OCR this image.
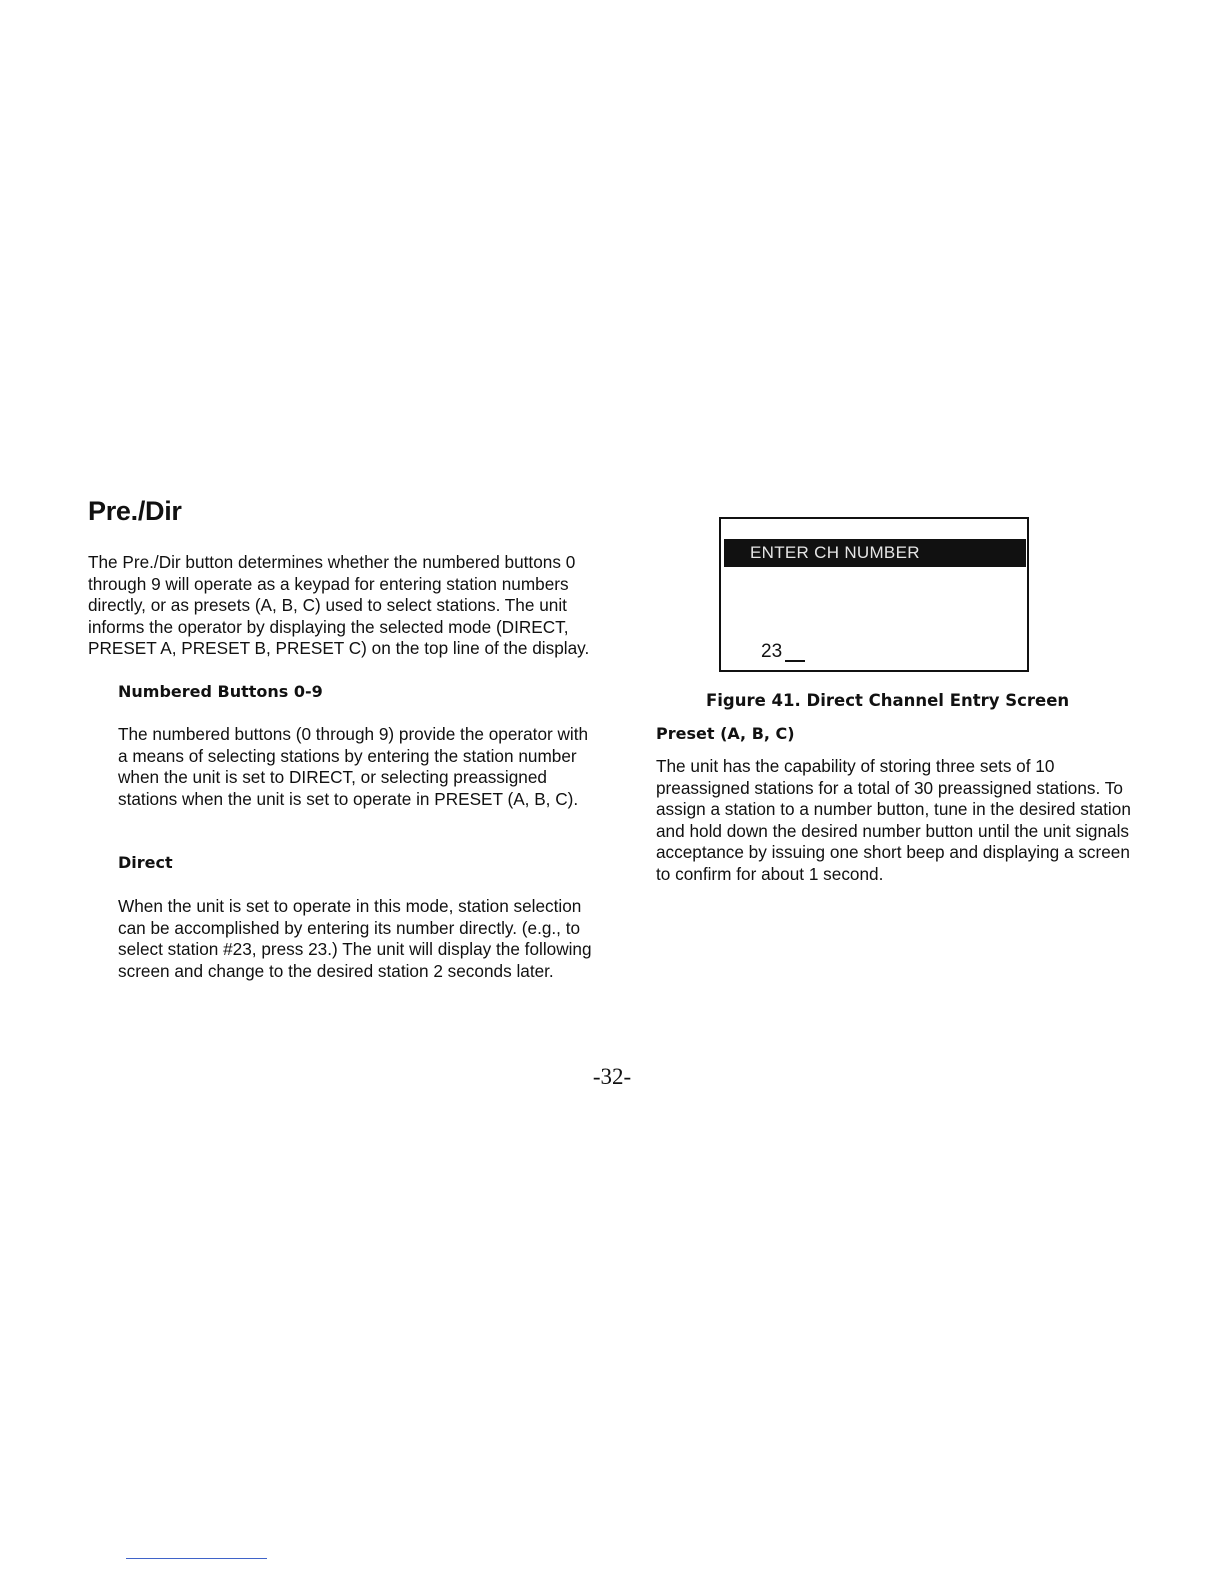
Pre./Dir

The Pre./Dir button determines whether the numbered buttons 0 through 9 will operate as a keypad for entering station numbers directly, or as presets (A, B, C) used to select stations. The unit informs the operator by displaying the selected mode (DIRECT, PRESET A, PRESET B, PRESET C) on the top line of the display.

Numbered Buttons 0-9

The numbered buttons (0 through 9) provide the operator with a means of selecting stations by entering the station number when the unit is set to DIRECT, or selecting preassigned stations when the unit is set to operate in PRESET (A, B, C).

Direct

When the unit is set to operate in this mode, station selection can be accomplished by entering its number directly. (e.g., to select station #23, press 23.) The unit will display the following screen and change to the desired station 2 seconds later.

ENTER CH NUMBER
23
Figure 41. Direct Channel Entry Screen
Preset (A, B, C)

The unit has the capability of storing three sets of 10 preassigned stations for a total of 30 preassigned stations. To assign a station to a number button, tune in the desired station and hold down the desired number button until the unit signals acceptance by issuing one short beep and displaying a screen to confirm for about 1 second.

-32-
